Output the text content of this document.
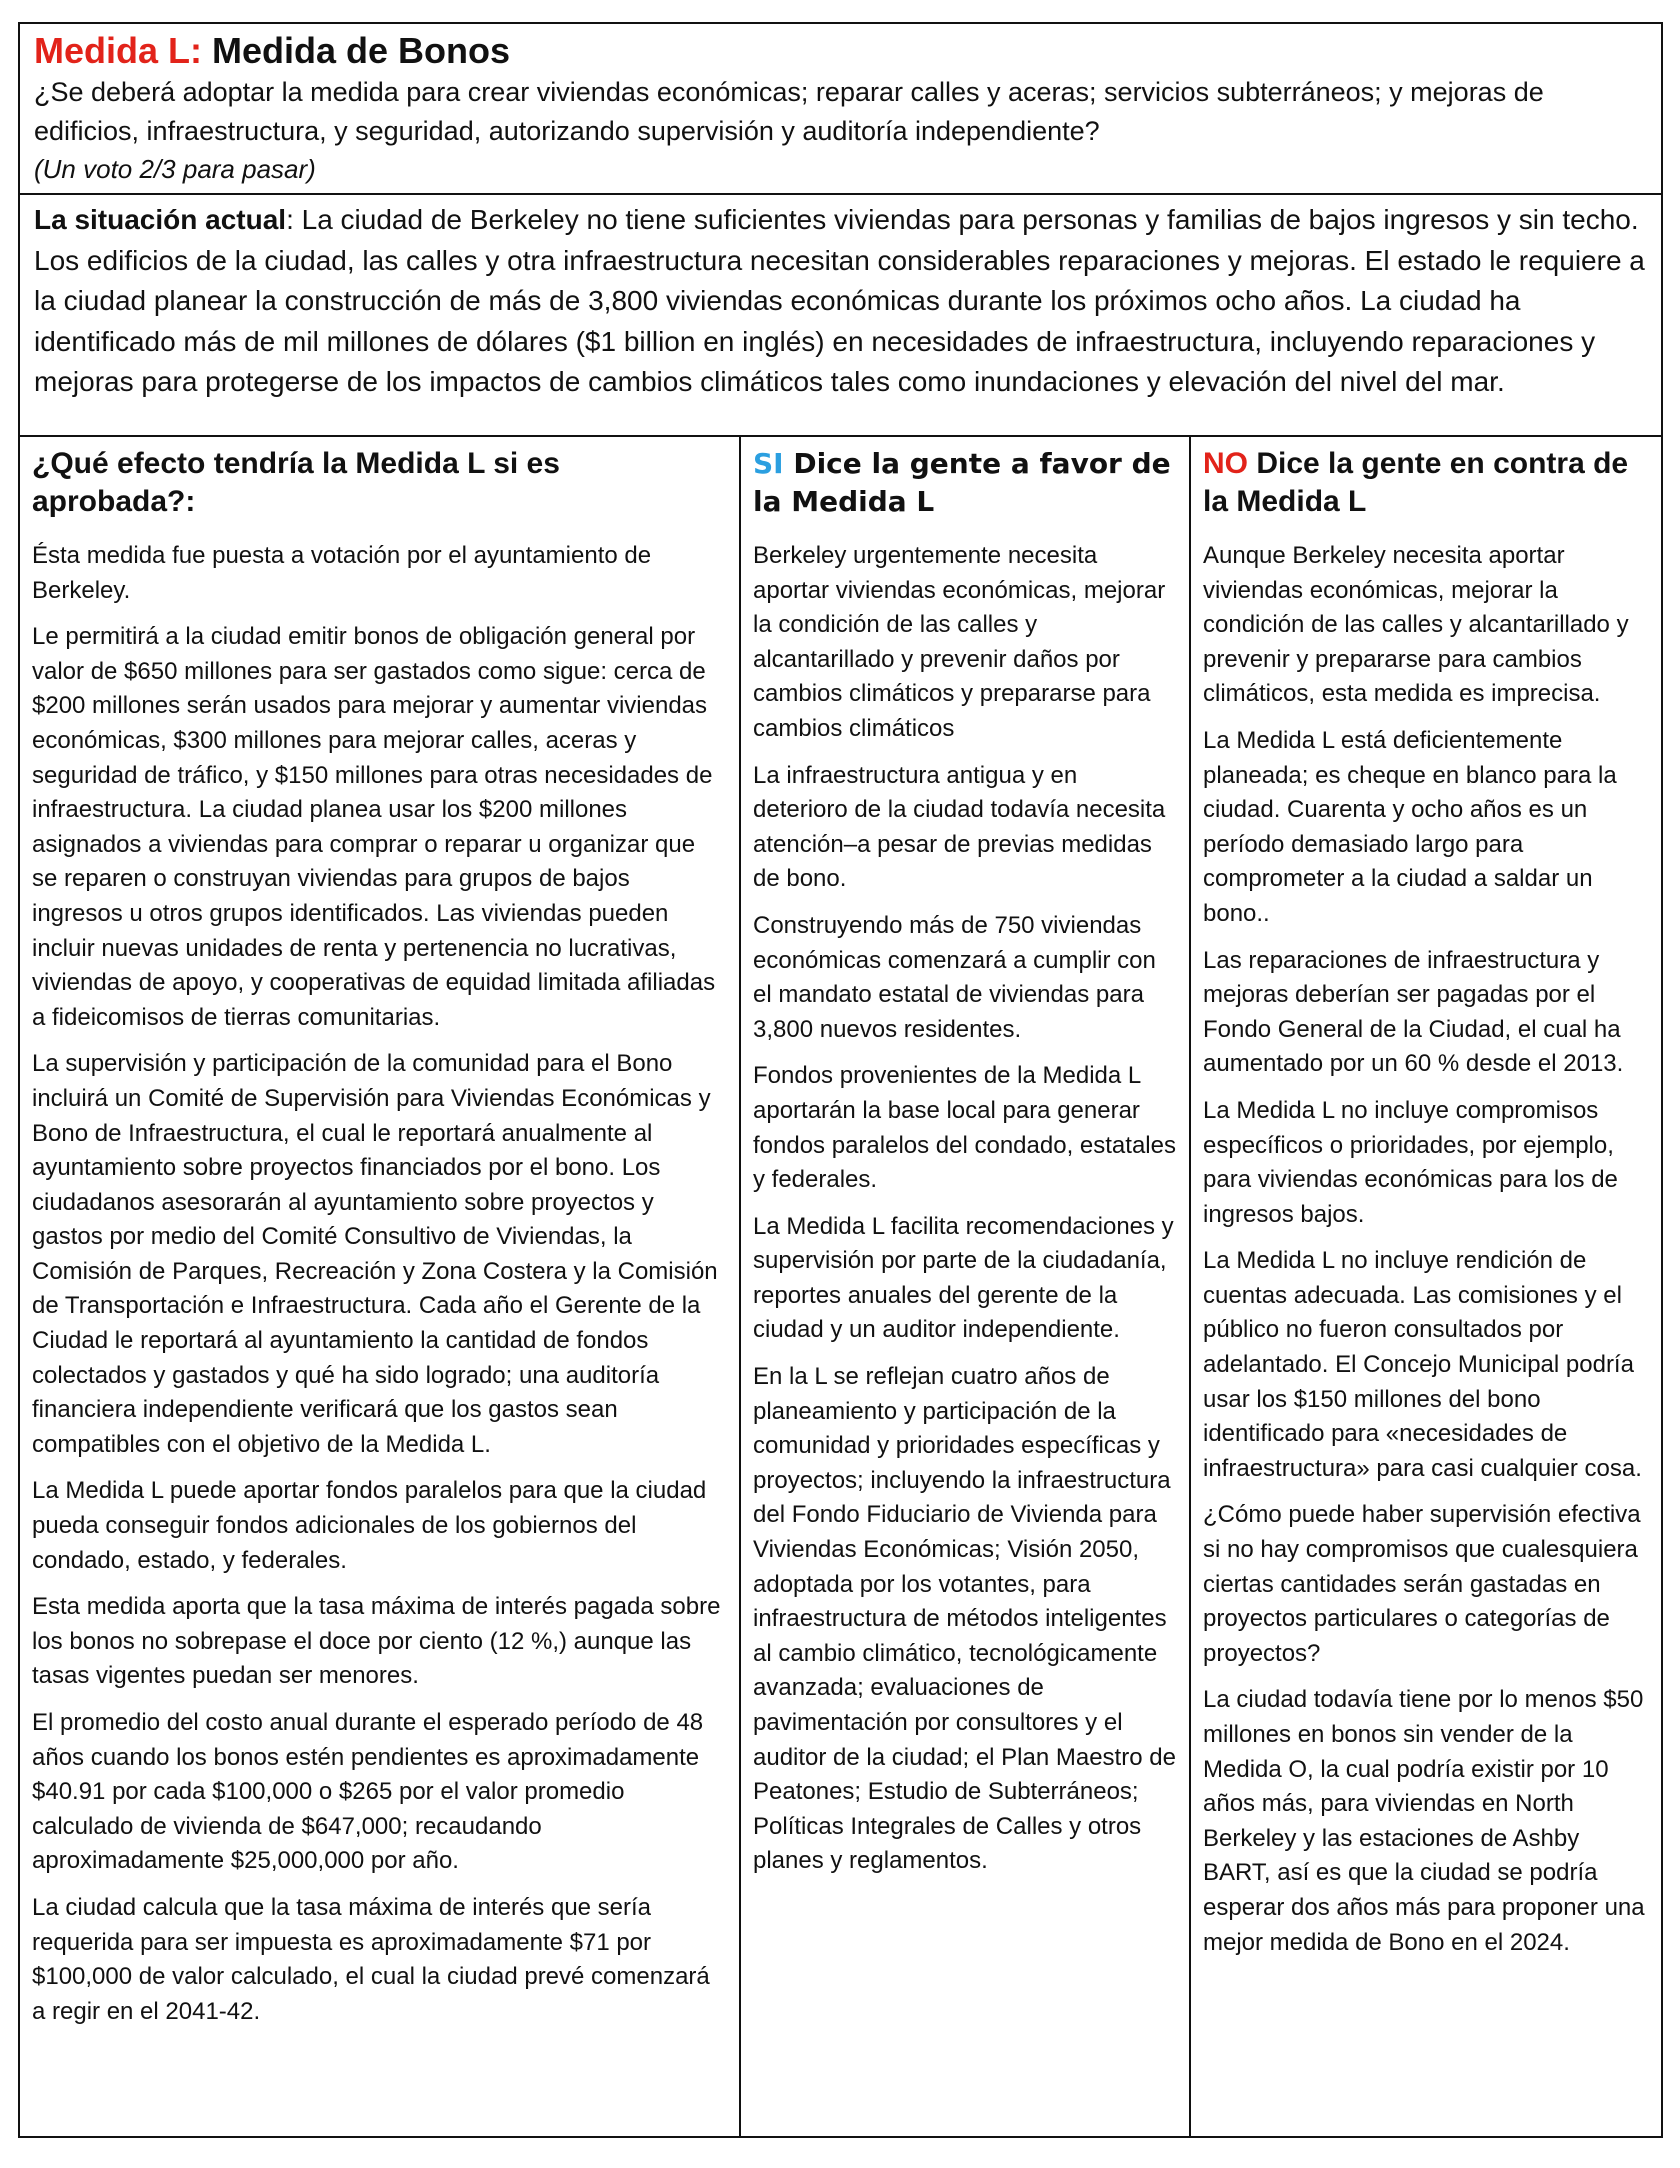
Medida L: Medida de Bonos

¿Se deberá adoptar la medida para crear viviendas económicas; reparar calles y aceras; servicios subterráneos; y mejoras de edificios, infraestructura, y seguridad, autorizando supervisión y auditoría independiente?

(Un voto 2/3 para pasar)

La situación actual: La ciudad de Berkeley no tiene suficientes viviendas para personas y familias de bajos ingresos y sin techo. Los edificios de la ciudad, las calles y otra infraestructura necesitan considerables reparaciones y mejoras. El estado le requiere a la ciudad planear la construcción de más de 3,800 viviendas económicas durante los próximos ocho años. La ciudad ha identificado más de mil millones de dólares ($1 billion en inglés) en necesidades de infraestructura, incluyendo reparaciones y mejoras para protegerse de los impactos de cambios climáticos tales como inundaciones y elevación del nivel del mar.
¿Qué efecto tendría la Medida L si es aprobada?:

Ésta medida fue puesta a votación por el ayuntamiento de Berkeley.

Le permitirá a la ciudad emitir bonos de obligación general por valor de $650 millones para ser gastados como sigue: cerca de $200 millones serán usados para mejorar y aumentar viviendas económicas, $300 millones para mejorar calles, aceras y seguridad de tráfico, y $150 millones para otras necesidades de infraestructura. La ciudad planea usar los $200 millones asignados a viviendas para comprar o reparar u organizar que se reparen o construyan viviendas para grupos de bajos ingresos u otros grupos identificados. Las viviendas pueden incluir nuevas unidades de renta y pertenencia no lucrativas, viviendas de apoyo, y cooperativas de equidad limitada afiliadas a fideicomisos de tierras comunitarias.

La supervisión y participación de la comunidad para el Bono incluirá un Comité de Supervisión para Viviendas Económicas y Bono de Infraestructura, el cual le reportará anualmente al ayuntamiento sobre proyectos financiados por el bono. Los ciudadanos asesorarán al ayuntamiento sobre proyectos y gastos por medio del Comité Consultivo de Viviendas, la Comisión de Parques, Recreación y Zona Costera y la Comisión de Transportación e Infraestructura. Cada año el Gerente de la Ciudad le reportará al ayuntamiento la cantidad de fondos colectados y gastados y qué ha sido logrado; una auditoría financiera independiente verificará que los gastos sean compatibles con el objetivo de la Medida L.

La Medida L puede aportar fondos paralelos para que la ciudad pueda conseguir fondos adicionales de los gobiernos del condado, estado, y federales.

Esta medida aporta que la tasa máxima de interés pagada sobre los bonos no sobrepase el doce por ciento (12 %,) aunque las tasas vigentes puedan ser menores.

El promedio del costo anual durante el esperado período de 48 años cuando los bonos estén pendientes es aproximadamente $40.91 por cada $100,000 o $265 por el valor promedio calculado de vivienda de $647,000; recaudando aproximadamente $25,000,000 por año.

La ciudad calcula que la tasa máxima de interés que sería requerida para ser impuesta es aproximadamente $71 por $100,000 de valor calculado, el cual la ciudad prevé comenzará a regir en el 2041-42.

SI Dice la gente a favor de la Medida L

Berkeley urgentemente necesita aportar viviendas económicas, mejorar la condición de las calles y alcantarillado y prevenir daños por cambios climáticos y prepararse para cambios climáticos

La infraestructura antigua y en deterioro de la ciudad todavía necesita atención–a pesar de previas medidas de bono.

Construyendo más de 750 viviendas económicas comenzará a cumplir con el mandato estatal de viviendas para 3,800 nuevos residentes.

Fondos provenientes de la Medida L aportarán la base local para generar fondos paralelos del condado, estatales y federales.

La Medida L facilita recomendaciones y supervisión por parte de la ciudadanía, reportes anuales del gerente de la ciudad y un auditor independiente.

En la L se reflejan cuatro años de planeamiento y participación de la comunidad y prioridades específicas y proyectos; incluyendo la infraestructura del Fondo Fiduciario de Vivienda para Viviendas Económicas; Visión 2050, adoptada por los votantes, para infraestructura de métodos inteligentes al cambio climático, tecnológicamente avanzada; evaluaciones de pavimentación por consultores y el auditor de la ciudad; el Plan Maestro de Peatones; Estudio de Subterráneos; Políticas Integrales de Calles y otros planes y reglamentos.

NO Dice la gente en contra de la Medida L

Aunque Berkeley necesita aportar viviendas económicas, mejorar la condición de las calles y alcantarillado y prevenir y prepararse para cambios climáticos, esta medida es imprecisa.

La Medida L está deficientemente planeada; es cheque en blanco para la ciudad. Cuarenta y ocho años es un período demasiado largo para comprometer a la ciudad a saldar un bono..

Las reparaciones de infraestructura y mejoras deberían ser pagadas por el Fondo General de la Ciudad, el cual ha aumentado por un 60 % desde el 2013.

La Medida L no incluye compromisos específicos o prioridades, por ejemplo, para viviendas económicas para los de ingresos bajos.

La Medida L no incluye rendición de cuentas adecuada. Las comisiones y el público no fueron consultados por adelantado. El Concejo Municipal podría usar los $150 millones del bono identificado para «necesidades de infraestructura» para casi cualquier cosa.

¿Cómo puede haber supervisión efectiva si no hay compromisos que cualesquiera ciertas cantidades serán gastadas en proyectos particulares o categorías de proyectos?

La ciudad todavía tiene por lo menos $50 millones en bonos sin vender de la Medida O, la cual podría existir por 10 años más, para viviendas en North Berkeley y las estaciones de Ashby BART, así es que la ciudad se podría esperar dos años más para proponer una mejor medida de Bono en el 2024.
